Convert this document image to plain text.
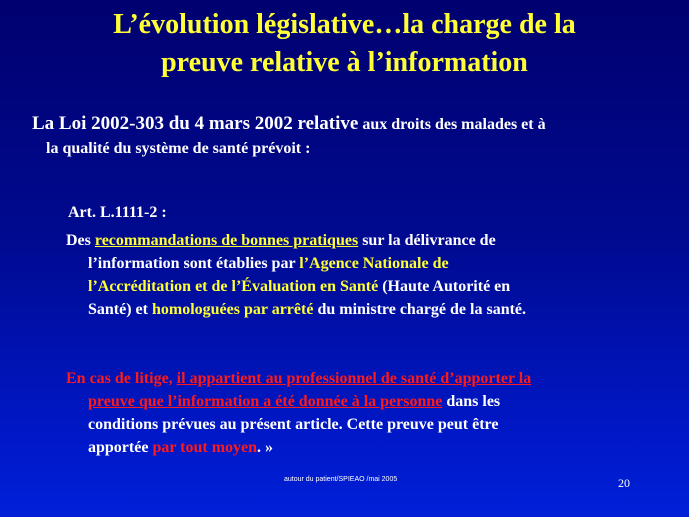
L’évolution législative…la charge de la
preuve relative à l’information
La Loi 2002-303 du 4 mars 2002 relative aux droits des malades et à
la qualité du système de santé prévoit :
Art. L.1111-2 :
Des recommandations de bonnes pratiques sur la délivrance de
l’information sont établies par l’Agence Nationale de
l’Accréditation et de l’Évaluation en Santé (Haute Autorité en
Santé) et homologuées par arrêté du ministre chargé de la santé.
En cas de litige, il appartient au professionnel de santé d’apporter la
preuve que l’information a été donnée à la personne dans les
conditions prévues au présent article. Cette preuve peut être
apportée par tout moyen. »
autour du patient/SPIEAO /mai 2005	20
